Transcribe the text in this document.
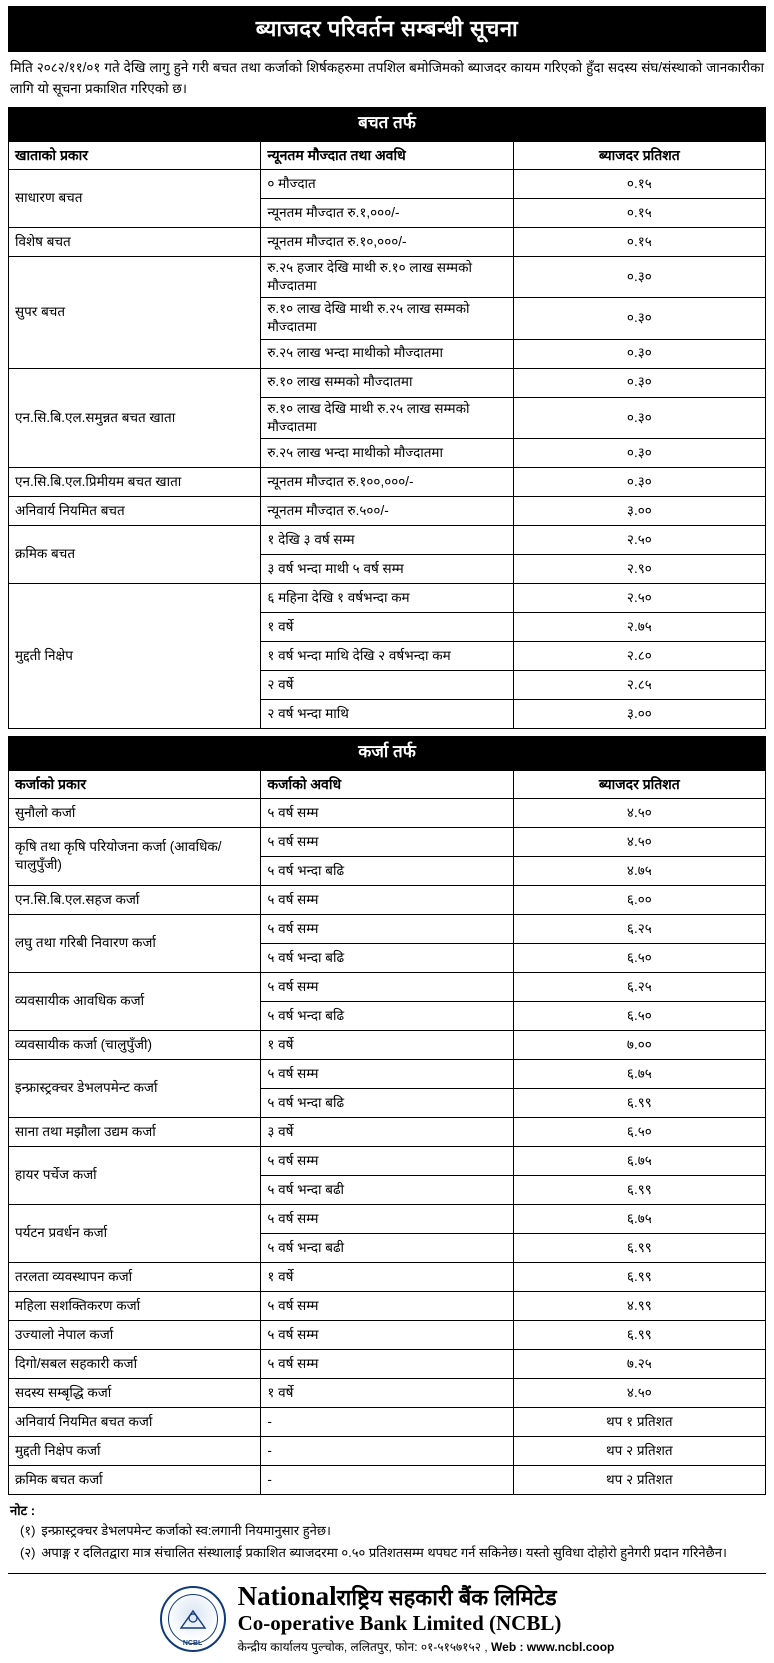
ब्याजदर परिवर्तन सम्बन्धी सूचना
मिति २०८२/११/०१ गते देखि लागु हुने गरी बचत तथा कर्जाको शिर्षकहरुमा तपशिल बमोजिमको ब्याजदर कायम गरिएको हुँदा सदस्य संघ/संस्थाको जानकारीका लागि यो सूचना प्रकाशित गरिएको छ।
बचत तर्फ		
खाताको प्रकार	न्यूनतम मौज्दात तथा अवधि	ब्याजदर प्रतिशत
साधारण बचत	० मौज्दात	०.१५
	न्यूनतम मौज्दात रु.१,०००/-	०.१५
विशेष बचत	न्यूनतम मौज्दात रु.१०,०००/-	०.१५
सुपर बचत	रु.२५ हजार देखि माथी रु.१० लाख सम्मको मौज्दातमा	०.३०
	रु.१० लाख देखि माथी रु.२५ लाख सम्मको मौज्दातमा	०.३०
	रु.२५ लाख भन्दा माथीको मौज्दातमा	०.३०
एन.सि.बि.एल.समुन्नत बचत खाता	रु.१० लाख सम्मको मौज्दातमा	०.३०
	रु.१० लाख देखि माथी रु.२५ लाख सम्मको मौज्दातमा	०.३०
	रु.२५ लाख भन्दा माथीको मौज्दातमा	०.३०
एन.सि.बि.एल.प्रिमीयम बचत खाता	न्यूनतम मौज्दात रु.१००,०००/-	०.३०
अनिवार्य नियमित बचत	न्यूनतम मौज्दात रु.५००/-	३.००
क्रमिक बचत	१ देखि ३ वर्ष सम्म	२.५०
	३ वर्ष भन्दा माथी ५ वर्ष सम्म	२.९०
मुद्दती निक्षेप	६ महिना देखि १ वर्षभन्दा कम	२.५०
	१ वर्षे	२.७५
	१ वर्ष भन्दा माथि देखि २ वर्षभन्दा कम	२.८०
	२ वर्षे	२.८५
	२ वर्ष भन्दा माथि	३.००
कर्जा तर्फ		
कर्जाको प्रकार	कर्जाको अवधि	ब्याजदर प्रतिशत
सुनौलो कर्जा	५ वर्ष सम्म	४.५०
कृषि तथा कृषि परियोजना कर्जा (आवधिक/चालुपुँजी)	५ वर्ष सम्म	४.५०
	५ वर्ष भन्दा बढि	४.७५
एन.सि.बि.एल.सहज कर्जा	५ वर्ष सम्म	६.००
लघु तथा गरिबी निवारण कर्जा	५ वर्ष सम्म	६.२५
	५ वर्ष भन्दा बढि	६.५०
व्यवसायीक आवधिक कर्जा	५ वर्ष सम्म	६.२५
	५ वर्ष भन्दा बढि	६.५०
व्यवसायीक कर्जा (चालुपुँजी)	१ वर्षे	७.००
इन्फ्रास्ट्रक्चर डेभलपमेन्ट कर्जा	५ वर्ष सम्म	६.७५
	५ वर्ष भन्दा बढि	६.९९
साना तथा मझौला उद्यम कर्जा	३ वर्षे	६.५०
हायर पर्चेज कर्जा	५ वर्ष सम्म	६.७५
	५ वर्ष भन्दा बढी	६.९९
पर्यटन प्रवर्धन कर्जा	५ वर्ष सम्म	६.७५
	५ वर्ष भन्दा बढी	६.९९
तरलता व्यवस्थापन कर्जा	१ वर्षे	६.९९
महिला सशक्तिकरण कर्जा	५ वर्ष सम्म	४.९९
उज्यालो नेपाल कर्जा	५ वर्ष सम्म	६.९९
दिगो/सबल सहकारी कर्जा	५ वर्ष सम्म	७.२५
सदस्य सम्बृद्धि कर्जा	१ वर्षे	४.५०
अनिवार्य नियमित बचत कर्जा	-	थप १ प्रतिशत
मुद्दती निक्षेप कर्जा	-	थप २ प्रतिशत
क्रमिक बचत कर्जा	-	थप २ प्रतिशत
नोट :
(१) इन्फ्रास्ट्रक्चर डेभलपमेन्ट कर्जाको स्व:लगानी नियमानुसार हुनेछ।
(२) अपाङ्ग र दलितद्वारा मात्र संचालित संस्थालाई प्रकाशित ब्याजदरमा ०.५० प्रतिशतसम्म थपघट गर्न सकिनेछ। यस्तो सुविधा दोहोरो हुनेगरी प्रदान गरिनेछैन।
NCBL
Nationalराष्ट्रिय सहकारी बैंक लिमिटेड
Co-operative Bank Limited (NCBL)
केन्द्रीय कार्यालय पुल्चोक, ललितपुर, फोन: ०१-५१५७१५२ , Web : www.ncbl.coop
